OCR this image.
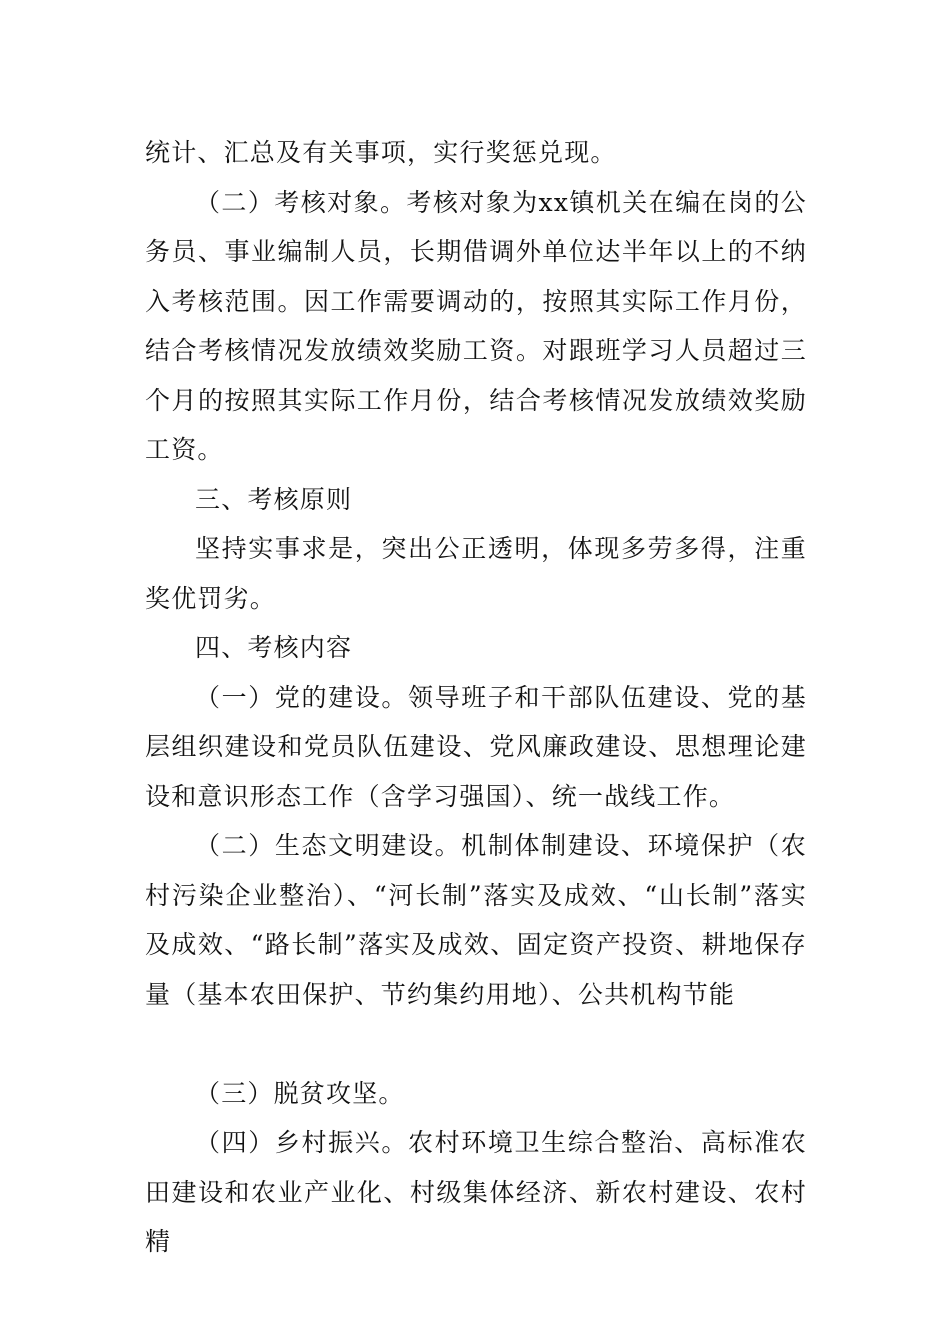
统计、汇总及有关事项，实行奖惩兑现。

（二）考核对象。考核对象为xx镇机关在编在岗的公务员、事业编制人员，长期借调外单位达半年以上的不纳入考核范围。因工作需要调动的，按照其实际工作月份，结合考核情况发放绩效奖励工资。对跟班学习人员超过三个月的按照其实际工作月份，结合考核情况发放绩效奖励工资。

三、考核原则

坚持实事求是，突出公正透明，体现多劳多得，注重奖优罚劣。

四、考核内容

（一）党的建设。领导班子和干部队伍建设、党的基层组织建设和党员队伍建设、党风廉政建设、思想理论建设和意识形态工作（含学习强国）、统一战线工作。

（二）生态文明建设。机制体制建设、环境保护（农村污染企业整治）、“河长制”落实及成效、“山长制”落实及成效、“路长制”落实及成效、固定资产投资、耕地保存量（基本农田保护、节约集约用地）、公共机构节能

（三）脱贫攻坚。

（四）乡村振兴。农村环境卫生综合整治、高标准农田建设和农业产业化、村级集体经济、新农村建设、农村精
